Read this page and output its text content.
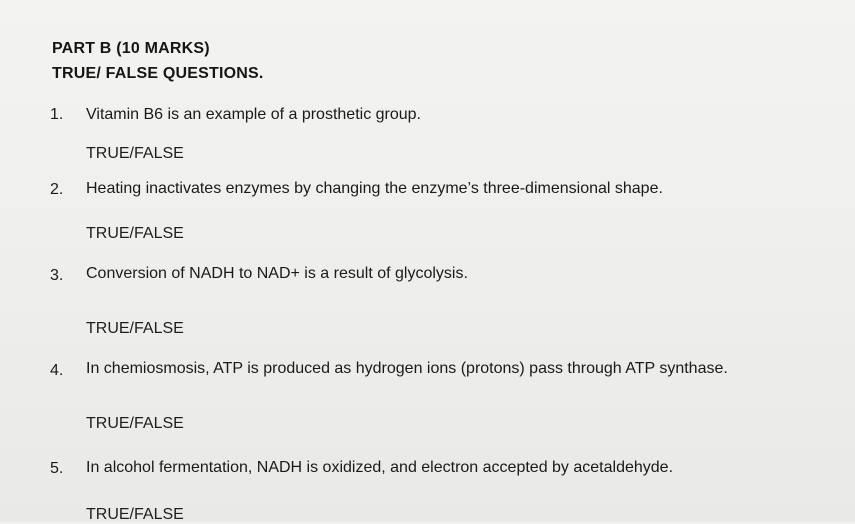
PART B (10 MARKS)
TRUE/ FALSE QUESTIONS.
1. Vitamin B6 is an example of a prosthetic group.
TRUE/FALSE
2. Heating inactivates enzymes by changing the enzyme’s three-dimensional shape.
TRUE/FALSE
3. Conversion of NADH to NAD+ is a result of glycolysis.
TRUE/FALSE
4. In chemiosmosis, ATP is produced as hydrogen ions (protons) pass through ATP synthase.
TRUE/FALSE
5. In alcohol fermentation, NADH is oxidized, and electron accepted by acetaldehyde.
TRUE/FALSE
